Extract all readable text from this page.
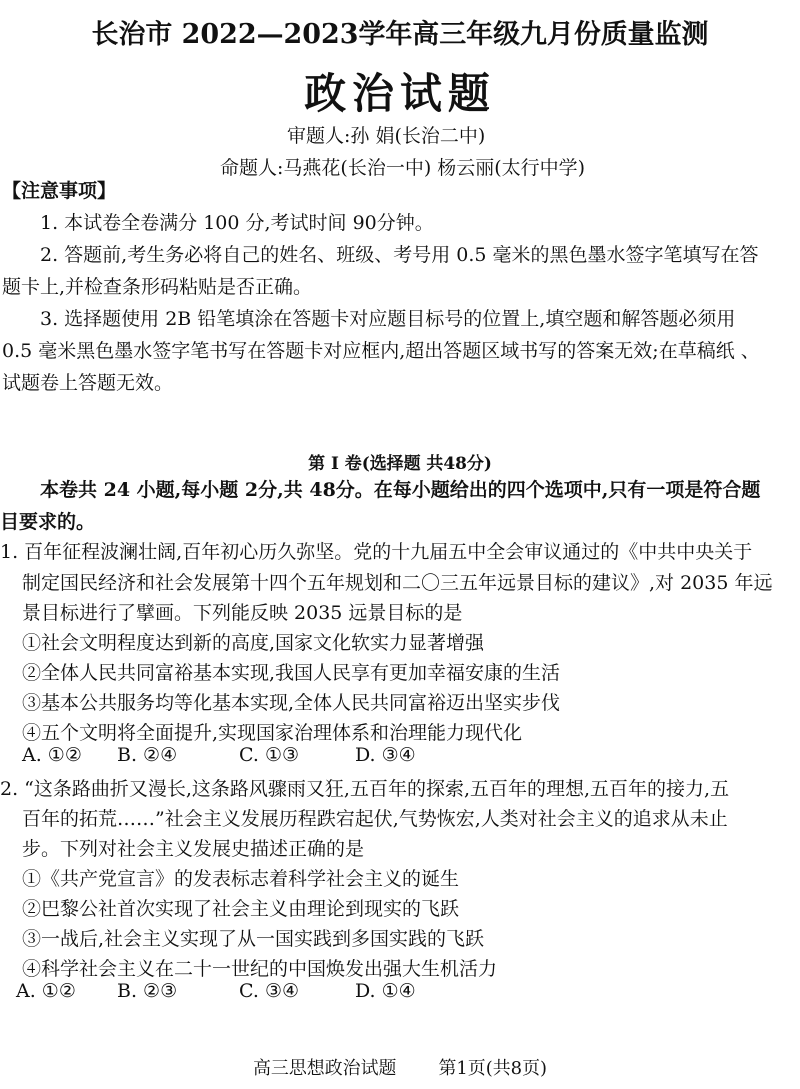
长治市 2022—2023学年高三年级九月份质量监测
政治试题
审题人:孙 娟(长治二中)
命题人:马燕花(长治一中) 杨云丽(太行中学)
【注意事项】
1. 本试卷全卷满分 100 分,考试时间 90分钟。
2. 答题前,考生务必将自己的姓名、班级、考号用 0.5 毫米的黑色墨水签字笔填写在答
题卡上,并检查条形码粘贴是否正确。
3. 选择题使用 2B 铅笔填涂在答题卡对应题目标号的位置上,填空题和解答题必须用
0.5 毫米黑色墨水签字笔书写在答题卡对应框内,超出答题区域书写的答案无效;在草稿纸 、
试题卷上答题无效。
第 Ⅰ 卷(选择题 共48分)
本卷共 24 小题,每小题 2分,共 48分。在每小题给出的四个选项中,只有一项是符合题
目要求的。
1. 百年征程波澜壮阔,百年初心历久弥坚。党的十九届五中全会审议通过的《中共中央关于
制定国民经济和社会发展第十四个五年规划和二〇三五年远景目标的建议》,对 2035 年远
景目标进行了擘画。下列能反映 2035 远景目标的是
①社会文明程度达到新的高度,国家文化软实力显著增强
②全体人民共同富裕基本实现,我国人民享有更加幸福安康的生活
③基本公共服务均等化基本实现,全体人民共同富裕迈出坚实步伐
④五个文明将全面提升,实现国家治理体系和治理能力现代化
A. ①② B. ②④	C. ①③	D. ③④
2. “这条路曲折又漫长,这条路风骤雨又狂,五百年的探索,五百年的理想,五百年的接力,五
百年的拓荒……”社会主义发展历程跌宕起伏,气势恢宏,人类对社会主义的追求从未止
步。下列对社会主义发展史描述正确的是
①《共产党宣言》的发表标志着科学社会主义的诞生
②巴黎公社首次实现了社会主义由理论到现实的飞跃
③一战后,社会主义实现了从一国实践到多国实践的飞跃
④科学社会主义在二十一世纪的中国焕发出强大生机活力
A. ①② B. ②③	C. ③④	D. ①④
高三思想政治试题 第1页(共8页)
